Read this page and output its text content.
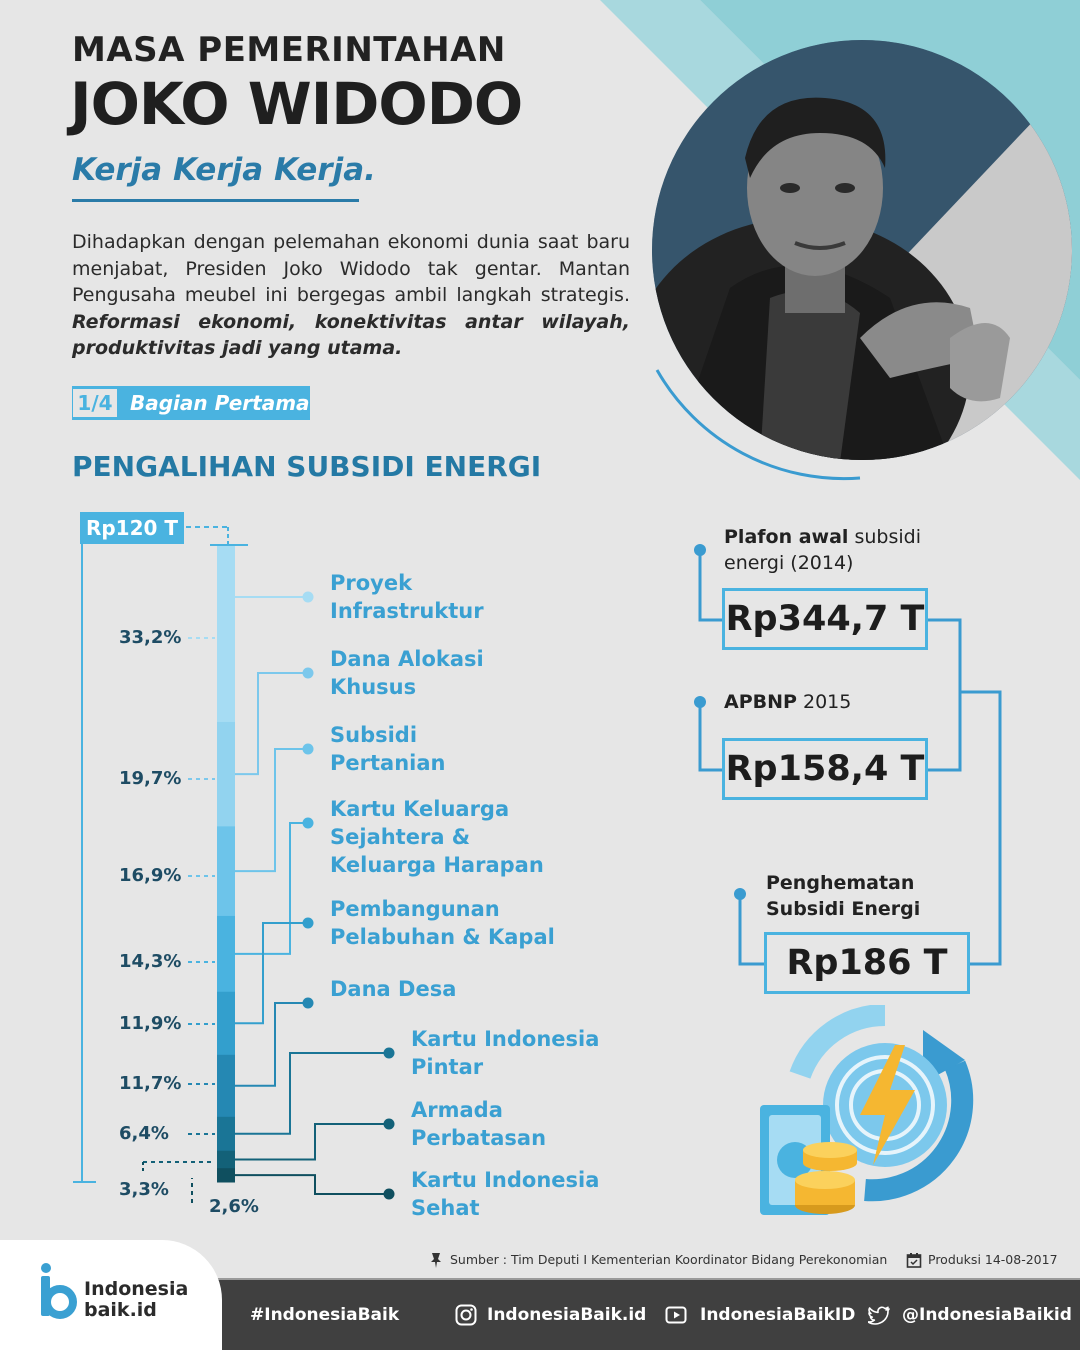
MASA PEMERINTAHAN
JOKO WIDODO
Kerja Kerja Kerja.
Dihadapkan dengan pelemahan ekonomi dunia saat baru menjabat, Presiden Joko Widodo tak gentar. Mantan Pengusaha meubel ini bergegas ambil langkah strategis. Reformasi ekonomi, konektivitas antar wilayah, produktivitas jadi yang utama.
1/4 Bagian Pertama
PENGALIHAN SUBSIDI ENERGI
Rp120 T
33,2%
19,7%
16,9%
14,3%
11,9%
11,7%
6,4%
3,3%
2,6%
Proyek
Infrastruktur
Dana Alokasi
Khusus
Subsidi
Pertanian
Kartu Keluarga
Sejahtera &
Keluarga Harapan
Pembangunan
Pelabuhan & Kapal
Dana Desa
Kartu Indonesia
Pintar
Armada
Perbatasan
Kartu Indonesia
Sehat
Plafon awal subsidi
energi (2014)
Rp344,7 T
APBNP 2015
Rp158,4 T
Penghematan
Subsidi Energi
Rp186 T
Sumber : Tim Deputi I Kementerian Koordinator Bidang Perekonomian	Produksi 14-08-2017
Indonesia
baik.id	#IndonesiaBaik	IndonesiaBaik.id	IndonesiaBaikID	@IndonesiaBaikid
